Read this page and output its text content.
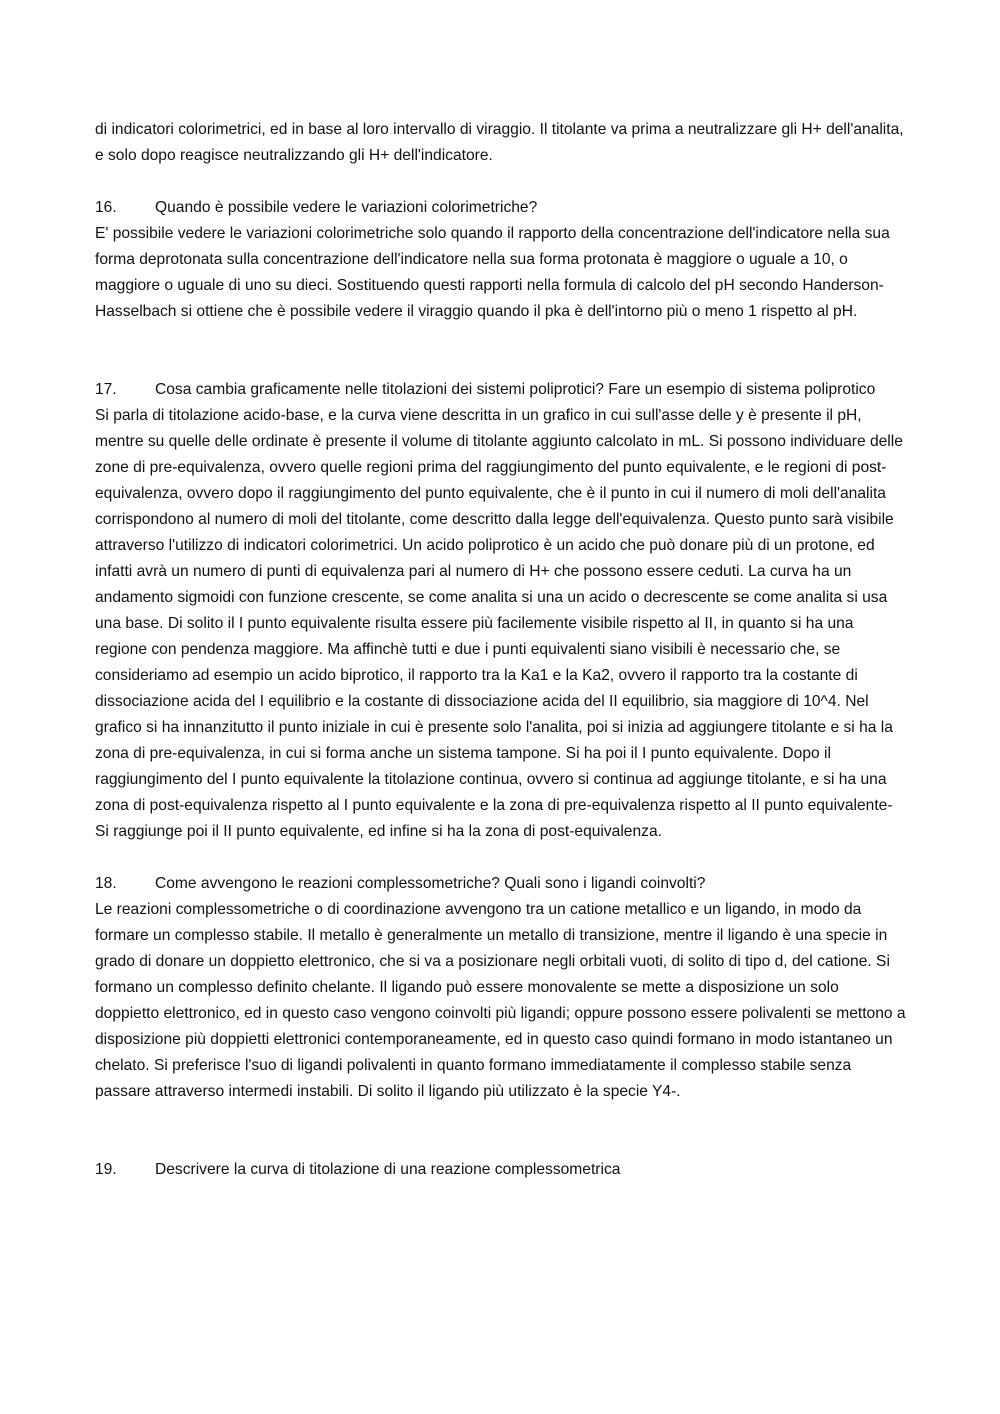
di indicatori colorimetrici, ed in base al loro intervallo di viraggio. Il titolante va prima a neutralizzare gli H+ dell'analita, e solo dopo reagisce neutralizzando gli H+ dell'indicatore.

16.	Quando è possibile vedere le variazioni colorimetriche?

E' possibile vedere le variazioni colorimetriche solo quando il rapporto della concentrazione dell'indicatore nella sua forma deprotonata sulla concentrazione dell'indicatore nella sua forma protonata è maggiore o uguale a 10, o maggiore o uguale di uno su dieci. Sostituendo questi rapporti nella formula di calcolo del pH secondo Handerson-Hasselbach si ottiene che è possibile vedere il viraggio quando il pka è dell'intorno più o meno 1 rispetto al pH.

17.	Cosa cambia graficamente nelle titolazioni dei sistemi poliprotici? Fare un esempio di sistema poliprotico

Si parla di titolazione acido-base, e la curva viene descritta in un grafico in cui sull'asse delle y è presente il pH, mentre su quelle delle ordinate è presente il volume di titolante aggiunto calcolato in mL. Si possono individuare delle zone di pre-equivalenza, ovvero quelle regioni prima del raggiungimento del punto equivalente, e le regioni di post-equivalenza, ovvero dopo il raggiungimento del punto equivalente, che è il punto in cui il numero di moli dell'analita corrispondono al numero di moli del titolante, come descritto dalla legge dell'equivalenza. Questo punto sarà visibile attraverso l'utilizzo di indicatori colorimetrici. Un acido poliprotico è un acido che può donare più di un protone, ed infatti avrà un numero di punti di equivalenza pari al numero di H+ che possono essere ceduti. La curva ha un andamento sigmoidi con funzione crescente, se come analita si una un acido o decrescente se come analita si usa una base. Di solito il I punto equivalente risulta essere più facilemente visibile rispetto al II, in quanto si ha una regione con pendenza maggiore. Ma affinchè tutti e due i punti equivalenti siano visibili è necessario che, se consideriamo ad esempio un acido biprotico, il rapporto tra la Ka1 e la Ka2, ovvero il rapporto tra la costante di dissociazione acida del I equilibrio e la costante di dissociazione acida del II equilibrio, sia maggiore di 10^4. Nel grafico si ha innanzitutto il punto iniziale in cui è presente solo l'analita, poi si inizia ad aggiungere titolante e si ha la zona di pre-equivalenza, in cui si forma anche un sistema tampone. Si ha poi il I punto equivalente. Dopo il raggiungimento del I punto equivalente la titolazione continua, ovvero si continua ad aggiunge titolante, e si ha una zona di post-equivalenza rispetto al I punto equivalente e la zona di pre-equivalenza rispetto al II punto equivalente- Si raggiunge poi il II punto equivalente, ed infine si ha la zona di post-equivalenza.

18.	Come avvengono le reazioni complessometriche? Quali sono i ligandi coinvolti?

Le reazioni complessometriche o di coordinazione avvengono tra un catione metallico e un ligando, in modo da formare un complesso stabile. Il metallo è generalmente un metallo di transizione, mentre il ligando è una specie in grado di donare un doppietto elettronico, che si va a posizionare negli orbitali vuoti, di solito di tipo d, del catione. Si formano un complesso definito chelante. Il ligando può essere monovalente se mette a disposizione un solo doppietto elettronico, ed in questo caso vengono coinvolti più ligandi; oppure possono essere polivalenti se mettono a disposizione più doppietti elettronici contemporaneamente, ed in questo caso quindi formano in modo istantaneo un chelato. Si preferisce l'suo di ligandi polivalenti in quanto formano immediatamente il complesso stabile senza passare attraverso intermedi instabili. Di solito il ligando più utilizzato è la specie Y4-.

19.	Descrivere la curva di titolazione di una reazione complessometrica
